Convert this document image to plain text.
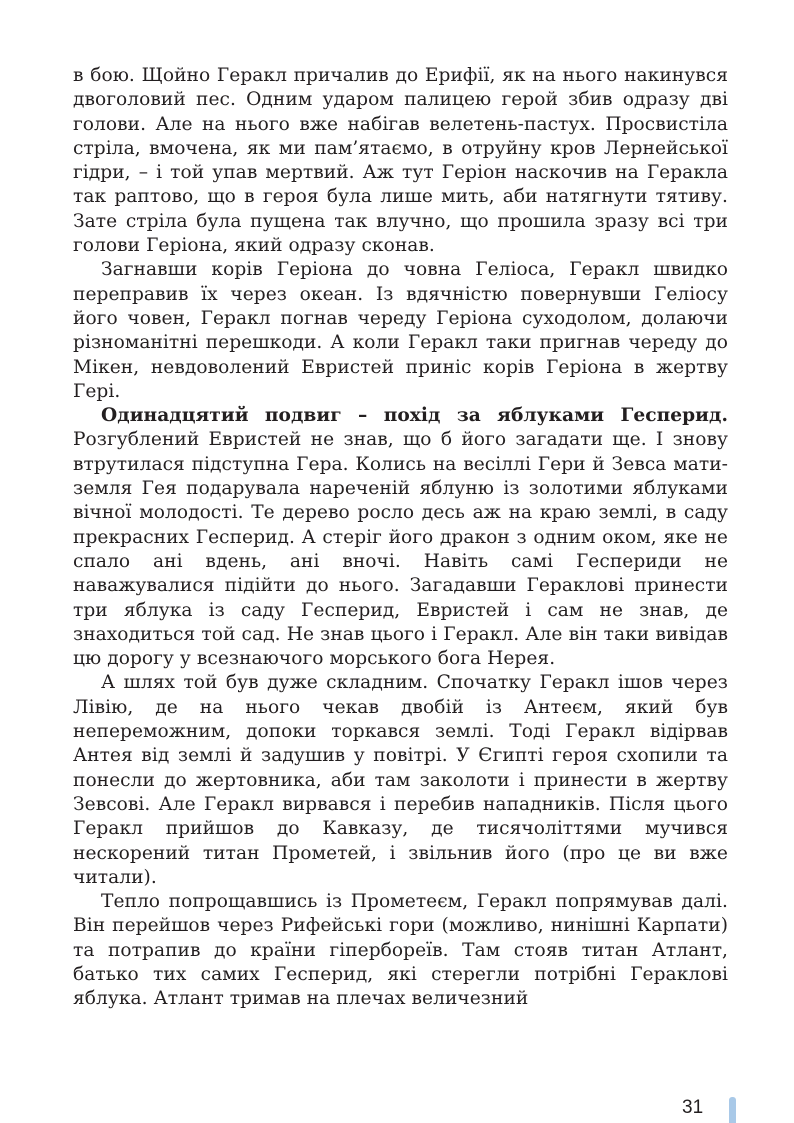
в бою. Щойно Геракл причалив до Ерифії, як на нього накинувся двоголовий пес. Одним ударом палицею герой збив одразу дві голови. Але на нього вже набігав велетень-пастух. Просвистіла стріла, вмочена, як ми пам’ятаємо, в отруйну кров Лернейської гідри, – і той упав мертвий. Аж тут Геріон наскочив на Геракла так раптово, що в героя була лише мить, аби натягнути тятиву. Зате стріла була пущена так влучно, що прошила зразу всі три голови Геріона, який одразу сконав.

Загнавши корів Геріона до човна Геліоса, Геракл швидко переправив їх через океан. Із вдячністю повернувши Геліосу його човен, Геракл погнав череду Геріона суходолом, долаючи різноманітні перешкоди. А коли Геракл таки пригнав череду до Мікен, невдоволений Евристей приніс корів Геріона в жертву Гері.

Одинадцятий подвиг – похід за яблуками Гесперид. Розгублений Евристей не знав, що б його загадати ще. І знову втрутилася підступна Гера. Колись на весіллі Гери й Зевса мати-земля Гея подарувала нареченій яблуню із золотими яблуками вічної молодості. Те дерево росло десь аж на краю землі, в саду прекрасних Гесперид. А стеріг його дракон з одним оком, яке не спало ані вдень, ані вночі. Навіть самі Геспериди не наважувалися підійти до нього. Загадавши Гераклові принести три яблука із саду Гесперид, Евристей і сам не знав, де знаходиться той сад. Не знав цього і Геракл. Але він таки вивідав цю дорогу у всезнаючого морського бога Нерея.

А шлях той був дуже складним. Спочатку Геракл ішов через Лівію, де на нього чекав двобій із Антеєм, який був непереможним, допоки торкався землі. Тоді Геракл відірвав Антея від землі й задушив у повітрі. У Єгипті героя схопили та понесли до жертовника, аби там заколоти і принести в жертву Зевсові. Але Геракл вирвався і перебив нападників. Після цього Геракл прийшов до Кавказу, де тисячоліттями мучився нескорений титан Прометей, і звільнив його (про це ви вже читали).

Тепло попрощавшись із Прометеєм, Геракл попрямував далі. Він перейшов через Рифейські гори (можливо, нинішні Карпати) та потрапив до країни гіпербореїв. Там стояв титан Атлант, батько тих самих Гесперид, які стерегли потрібні Гераклові яблука. Атлант тримав на плечах величезний

31
